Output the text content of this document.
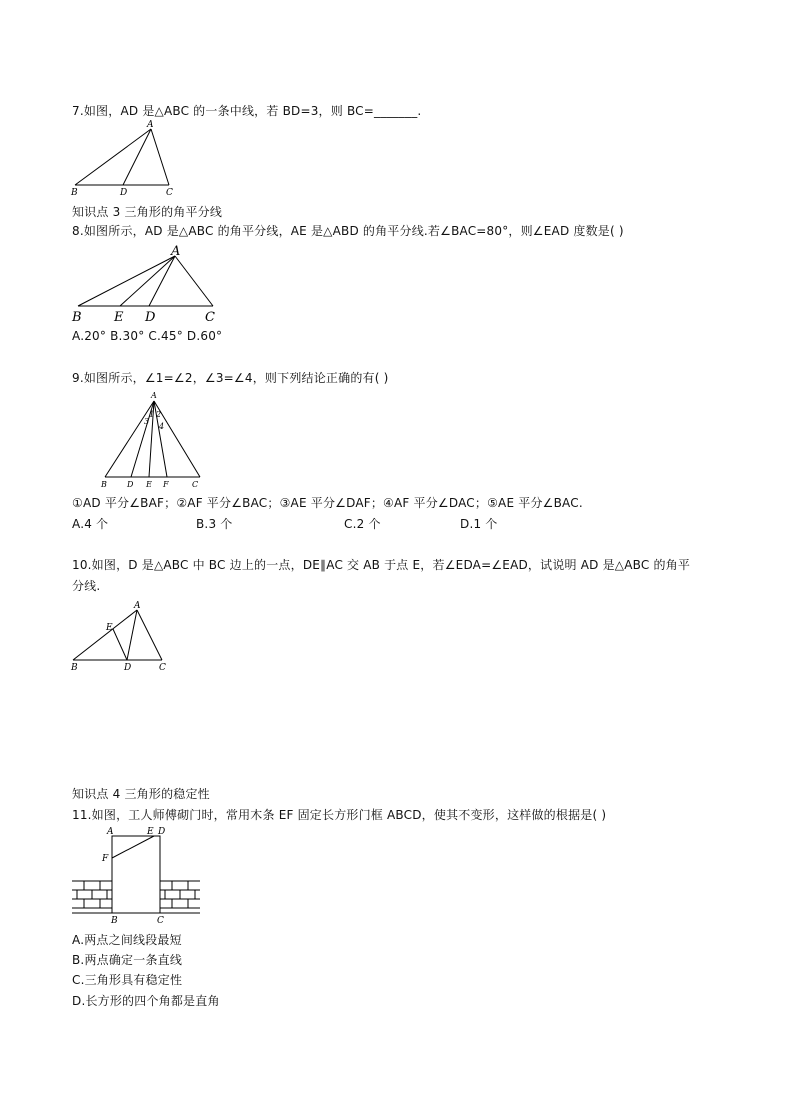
7.如图，AD 是△ABC 的一条中线，若 BD=3，则 BC=_______.
A
B	D	C
知识点 3 三角形的角平分线
8.如图所示，AD 是△ABC 的角平分线，AE 是△ABD 的角平分线.若∠BAC=80°，则∠EAD 度数是( )
A
B E D	C
A.20° B.30° C.45° D.60°
9.如图所示，∠1=∠2，∠3=∠4，则下列结论正确的有( )
A
1 2
3
4
B	D E F	C
①AD 平分∠BAF；②AF 平分∠BAC；③AE 平分∠DAF；④AF 平分∠DAC；⑤AE 平分∠BAC.
A.4 个	B.3 个	C.2 个	D.1 个
10.如图，D 是△ABC 中 BC 边上的一点，DE∥AC 交 AB 于点 E，若∠EDA=∠EAD，试说明 AD 是△ABC 的角平
分线.
A
E
B	D	C
知识点 4 三角形的稳定性
11.如图，工人师傅砌门时，常用木条 EF 固定长方形门框 ABCD，使其不变形，这样做的根据是( )
A	E D
F
B	C
A.两点之间线段最短
B.两点确定一条直线
C.三角形具有稳定性
D.长方形的四个角都是直角
